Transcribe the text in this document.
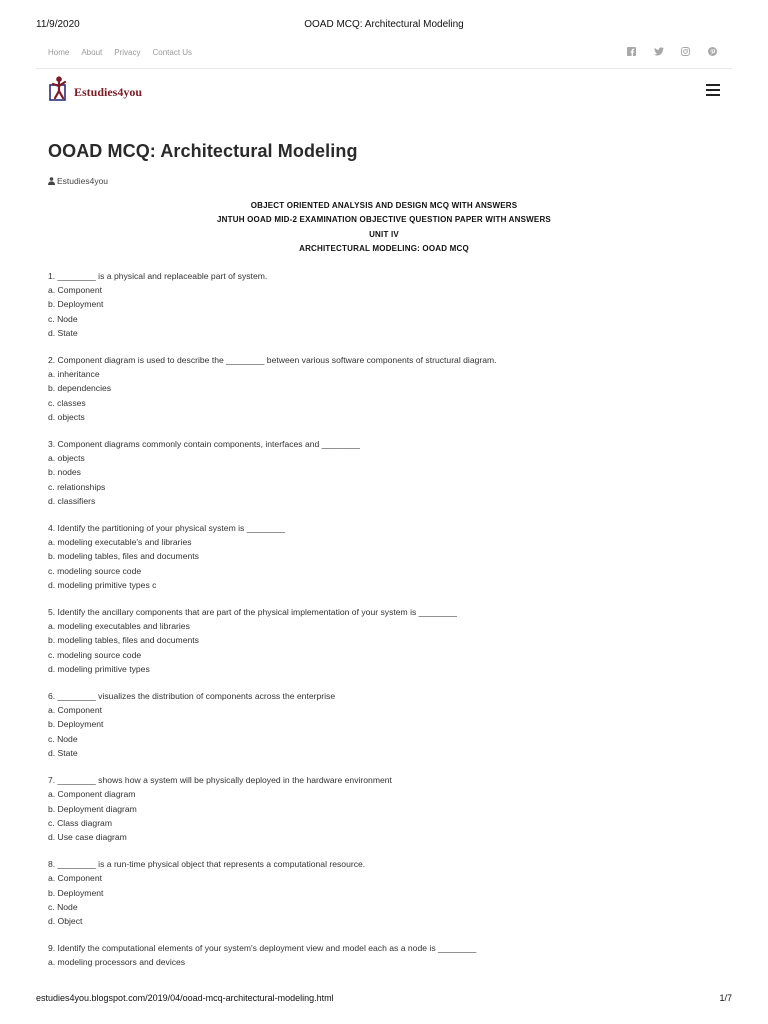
11/9/2020	OOAD MCQ: Architectural Modeling
Home About Privacy Contact Us
Estudies4you
OOAD MCQ: Architectural Modeling
Estudies4you
OBJECT ORIENTED ANALYSIS AND DESIGN MCQ WITH ANSWERS
JNTUH OOAD MID-2 EXAMINATION OBJECTIVE QUESTION PAPER WITH ANSWERS
UNIT IV
ARCHITECTURAL MODELING: OOAD MCQ
1. ________ is a physical and replaceable part of system.
a. Component
b. Deployment
c. Node
d. State
2. Component diagram is used to describe the ________ between various software components of structural diagram.
a. inheritance
b. dependencies
c. classes
d. objects
3. Component diagrams commonly contain components, interfaces and ________
a. objects
b. nodes
c. relationships
d. classifiers
4. Identify the partitioning of your physical system is ________
a. modeling executable's and libraries
b. modeling tables, files and documents
c. modeling source code
d. modeling primitive types c
5. Identify the ancillary components that are part of the physical implementation of your system is ________
a. modeling executables and libraries
b. modeling tables, files and documents
c. modeling source code
d. modeling primitive types
6. ________ visualizes the distribution of components across the enterprise
a. Component
b. Deployment
c. Node
d. State
7. ________ shows how a system will be physically deployed in the hardware environment
a. Component diagram
b. Deployment diagram
c. Class diagram
d. Use case diagram
8. ________ is a run-time physical object that represents a computational resource.
a. Component
b. Deployment
c. Node
d. Object
9. Identify the computational elements of your system's deployment view and model each as a node is ________
a. modeling processors and devices
estudies4you.blogspot.com/2019/04/ooad-mcq-architectural-modeling.html	1/7
